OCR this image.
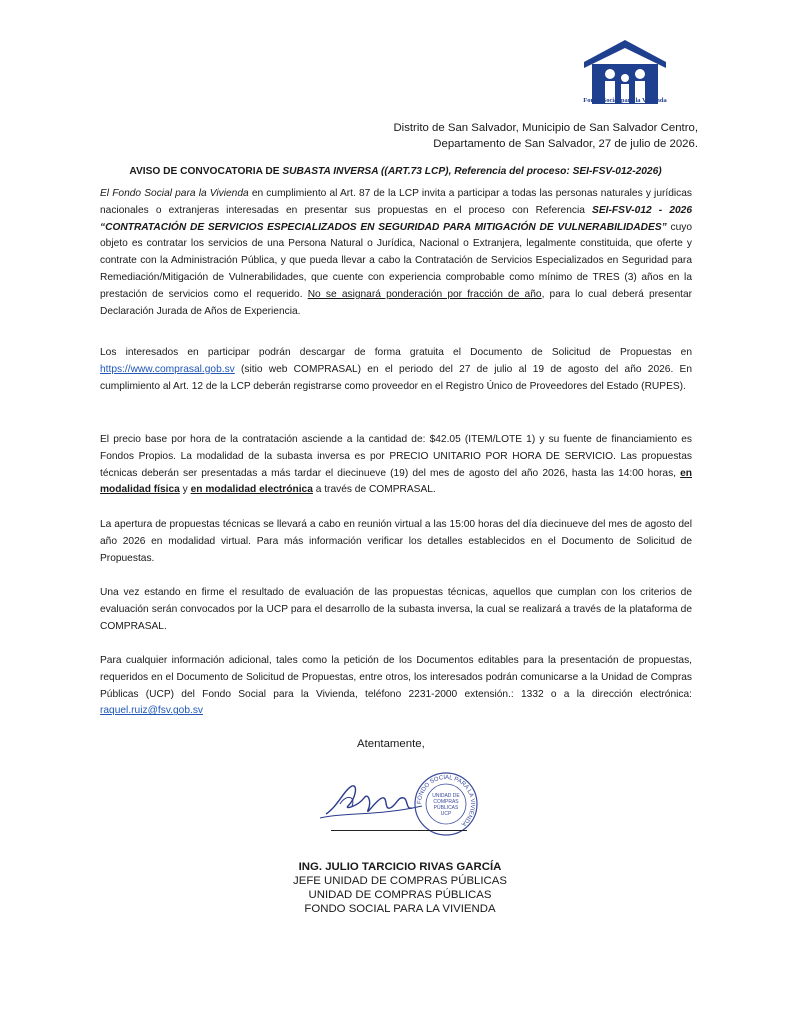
Fondo Social para la Vivienda
Distrito de San Salvador, Municipio de San Salvador Centro,
Departamento de San Salvador, 27 de julio de 2026.
AVISO DE CONVOCATORIA DE SUBASTA INVERSA ((ART.73 LCP), Referencia del proceso: SEI-FSV-012-2026)
El Fondo Social para la Vivienda en cumplimiento al Art. 87 de la LCP invita a participar a todas las personas naturales y jurídicas nacionales o extranjeras interesadas en presentar sus propuestas en el proceso con Referencia SEI-FSV-012 - 2026 “CONTRATACIÓN DE SERVICIOS ESPECIALIZADOS EN SEGURIDAD PARA MITIGACIÓN DE VULNERABILIDADES” cuyo objeto es contratar los servicios de una Persona Natural o Jurídica, Nacional o Extranjera, legalmente constituida, que oferte y contrate con la Administración Pública, y que pueda llevar a cabo la Contratación de Servicios Especializados en Seguridad para Remediación/Mitigación de Vulnerabilidades, que cuente con experiencia comprobable como mínimo de TRES (3) años en la prestación de servicios como el requerido. No se asignará ponderación por fracción de año, para lo cual deberá presentar Declaración Jurada de Años de Experiencia.
Los interesados en participar podrán descargar de forma gratuita el Documento de Solicitud de Propuestas en https://www.comprasal.gob.sv (sitio web COMPRASAL) en el periodo del 27 de julio al 19 de agosto del año 2026. En cumplimiento al Art. 12 de la LCP deberán registrarse como proveedor en el Registro Único de Proveedores del Estado (RUPES).
El precio base por hora de la contratación asciende a la cantidad de: $42.05 (ITEM/LOTE 1) y su fuente de financiamiento es Fondos Propios. La modalidad de la subasta inversa es por PRECIO UNITARIO POR HORA DE SERVICIO. Las propuestas técnicas deberán ser presentadas a más tardar el diecinueve (19) del mes de agosto del año 2026, hasta las 14:00 horas, en modalidad física y en modalidad electrónica a través de COMPRASAL.
La apertura de propuestas técnicas se llevará a cabo en reunión virtual a las 15:00 horas del día diecinueve del mes de agosto del año 2026 en modalidad virtual. Para más información verificar los detalles establecidos en el Documento de Solicitud de Propuestas.
Una vez estando en firme el resultado de evaluación de las propuestas técnicas, aquellos que cumplan con los criterios de evaluación serán convocados por la UCP para el desarrollo de la subasta inversa, la cual se realizará a través de la plataforma de COMPRASAL.
Para cualquier información adicional, tales como la petición de los Documentos editables para la presentación de propuestas, requeridos en el Documento de Solicitud de Propuestas, entre otros, los interesados podrán comunicarse a la Unidad de Compras Públicas (UCP) del Fondo Social para la Vivienda, teléfono 2231-2000 extensión.: 1332 o a la dirección electrónica: raquel.ruiz@fsv.gob.sv
Atentamente,
FONDO SOCIAL PARA LA VIVIENDA
UNIDAD DE
COMPRAS
PÚBLICAS
UCP
ING. JULIO TARCICIO RIVAS GARCÍA
JEFE UNIDAD DE COMPRAS PÚBLICAS
UNIDAD DE COMPRAS PÚBLICAS
FONDO SOCIAL PARA LA VIVIENDA
